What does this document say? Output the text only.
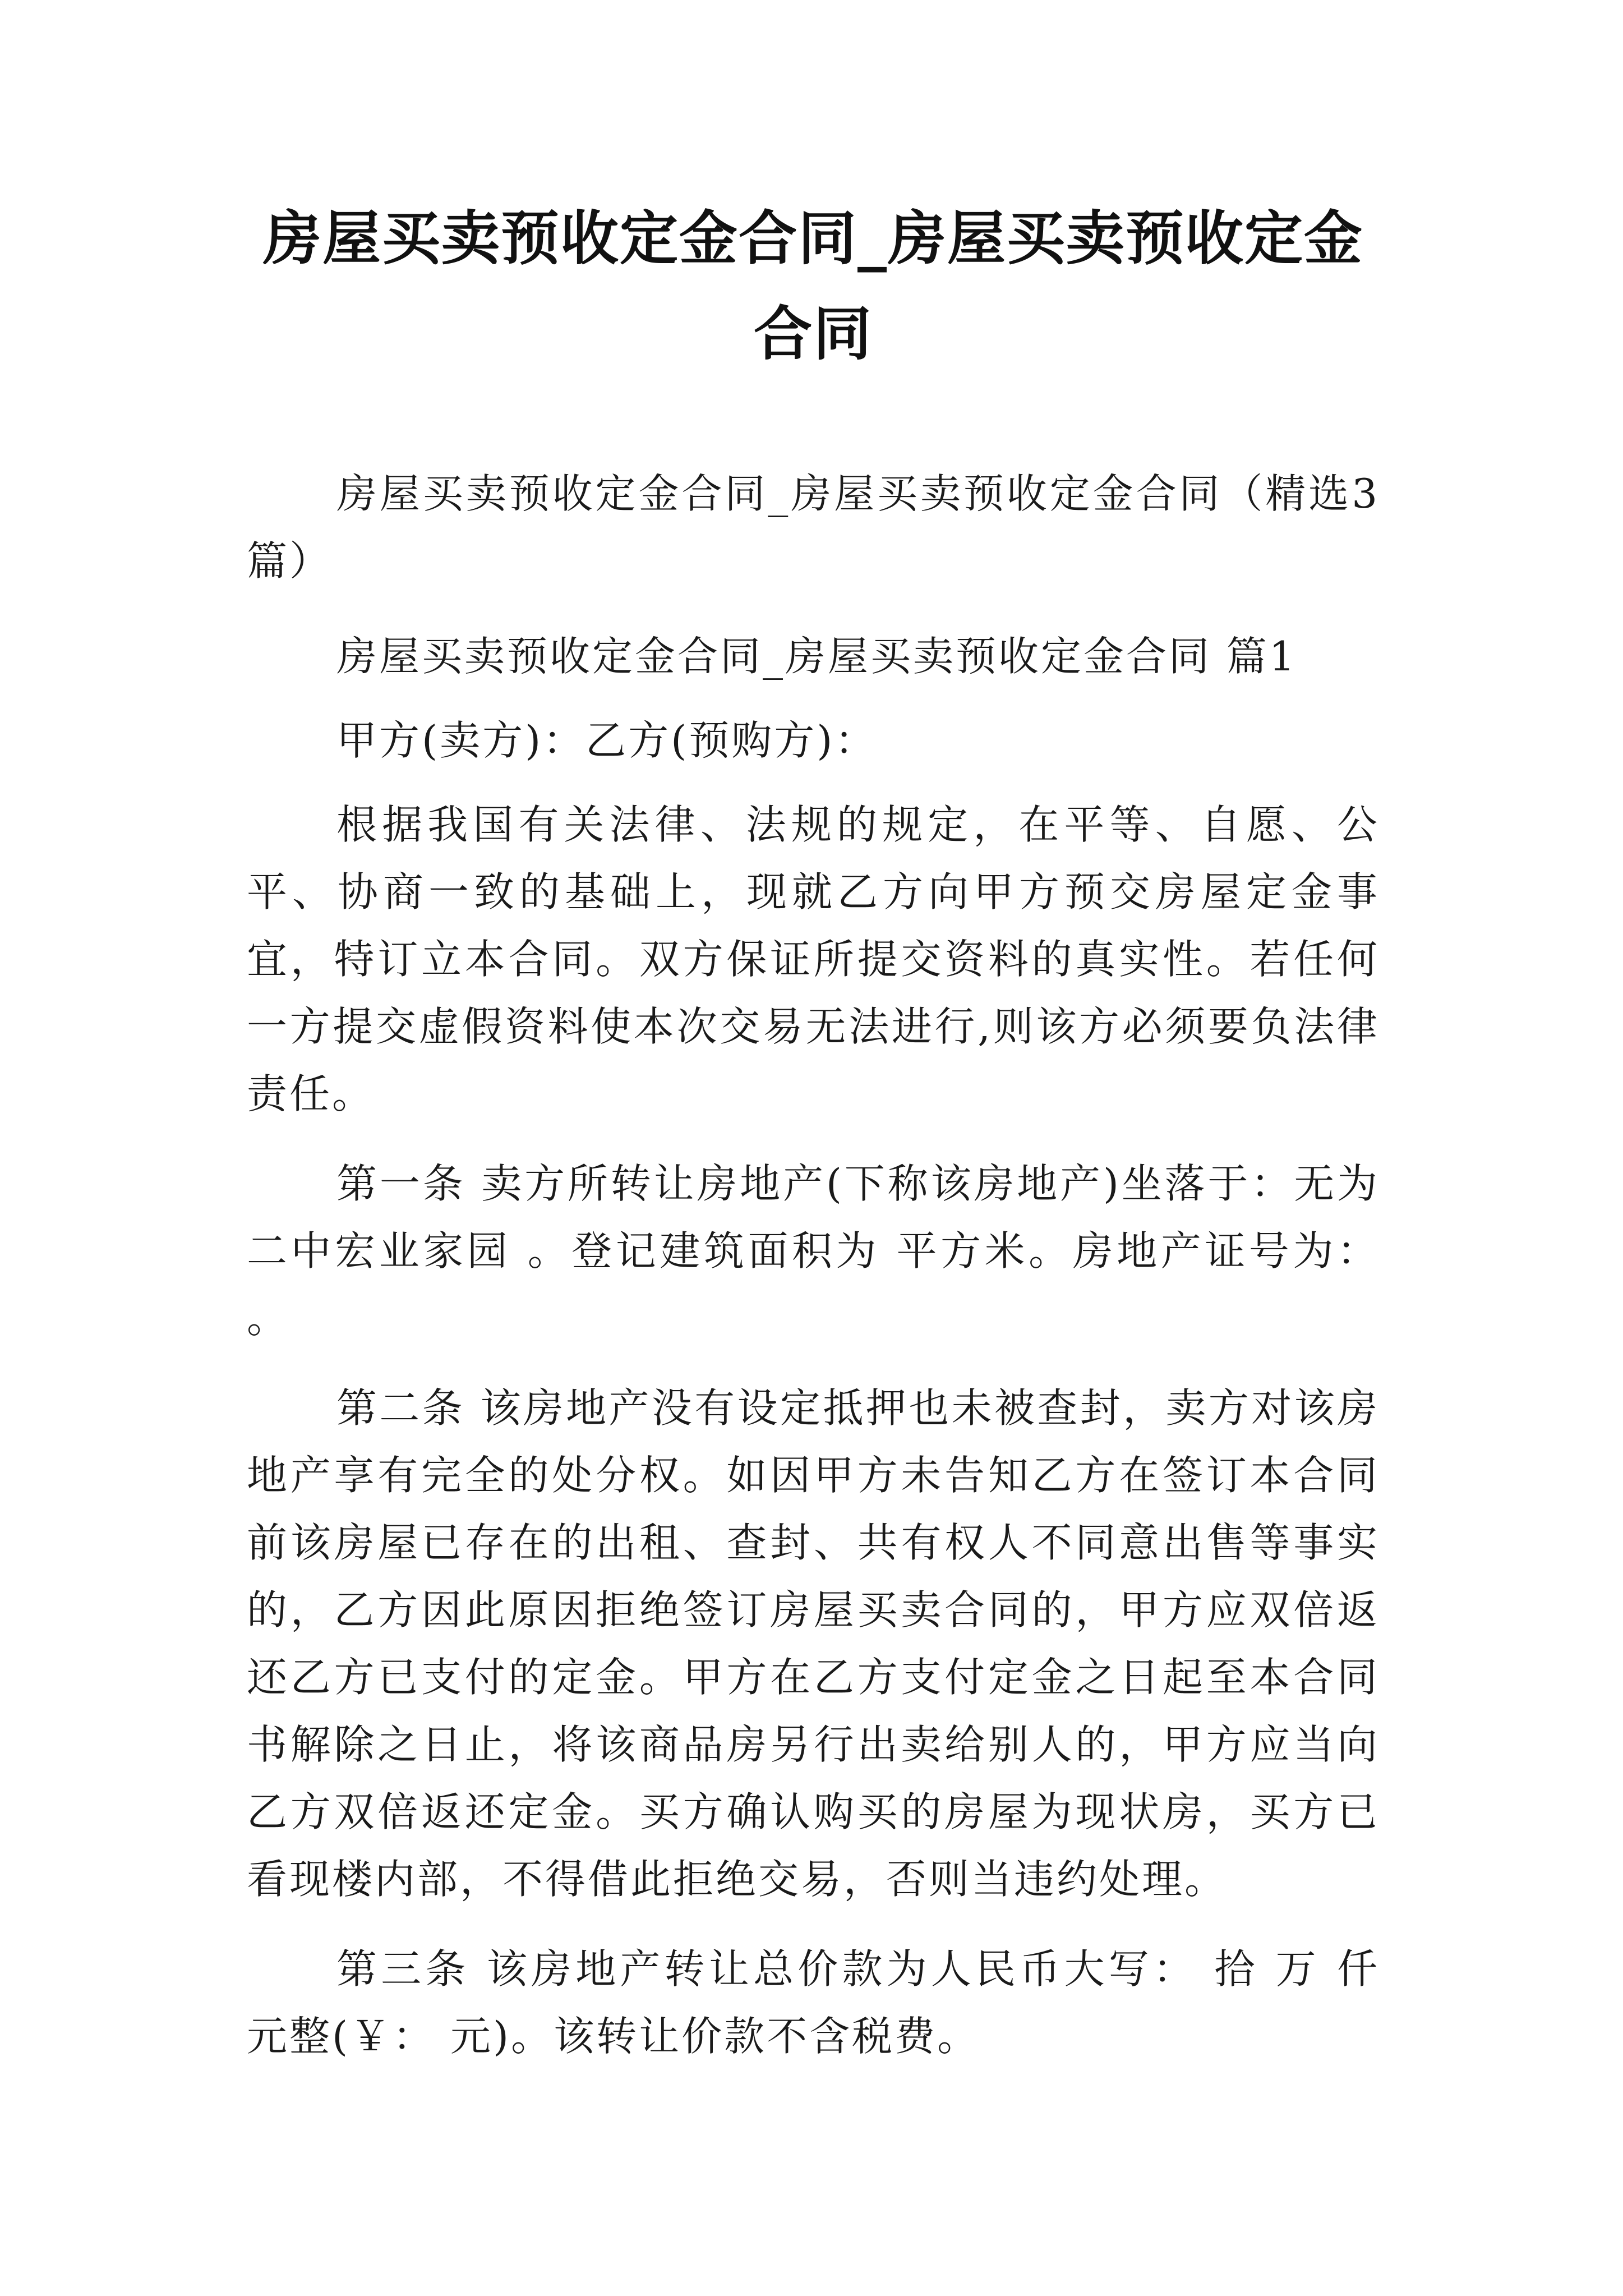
房屋买卖预收定金合同_房屋买卖预收定金合同

房屋买卖预收定金合同_房屋买卖预收定金合同（精选3篇）

房屋买卖预收定金合同_房屋买卖预收定金合同 篇1

甲方(卖方)：乙方(预购方)：

根据我国有关法律、法规的规定，在平等、自愿、公平、协商一致的基础上，现就乙方向甲方预交房屋定金事宜，特订立本合同。双方保证所提交资料的真实性。若任何一方提交虚假资料使本次交易无法进行,则该方必须要负法律责任。

第一条 卖方所转让房地产(下称该房地产)坐落于：无为二中宏业家园 。登记建筑面积为 平方米。房地产证号为： 。

第二条 该房地产没有设定抵押也未被查封，卖方对该房地产享有完全的处分权。如因甲方未告知乙方在签订本合同前该房屋已存在的出租、查封、共有权人不同意出售等事实的，乙方因此原因拒绝签订房屋买卖合同的，甲方应双倍返还乙方已支付的定金。甲方在乙方支付定金之日起至本合同书解除之日止，将该商品房另行出卖给别人的，甲方应当向乙方双倍返还定金。买方确认购买的房屋为现状房，买方已看现楼内部，不得借此拒绝交易，否则当违约处理。

第三条 该房地产转让总价款为人民币大写： 拾 万 仟 元整(￥： 元)。该转让价款不含税费。
